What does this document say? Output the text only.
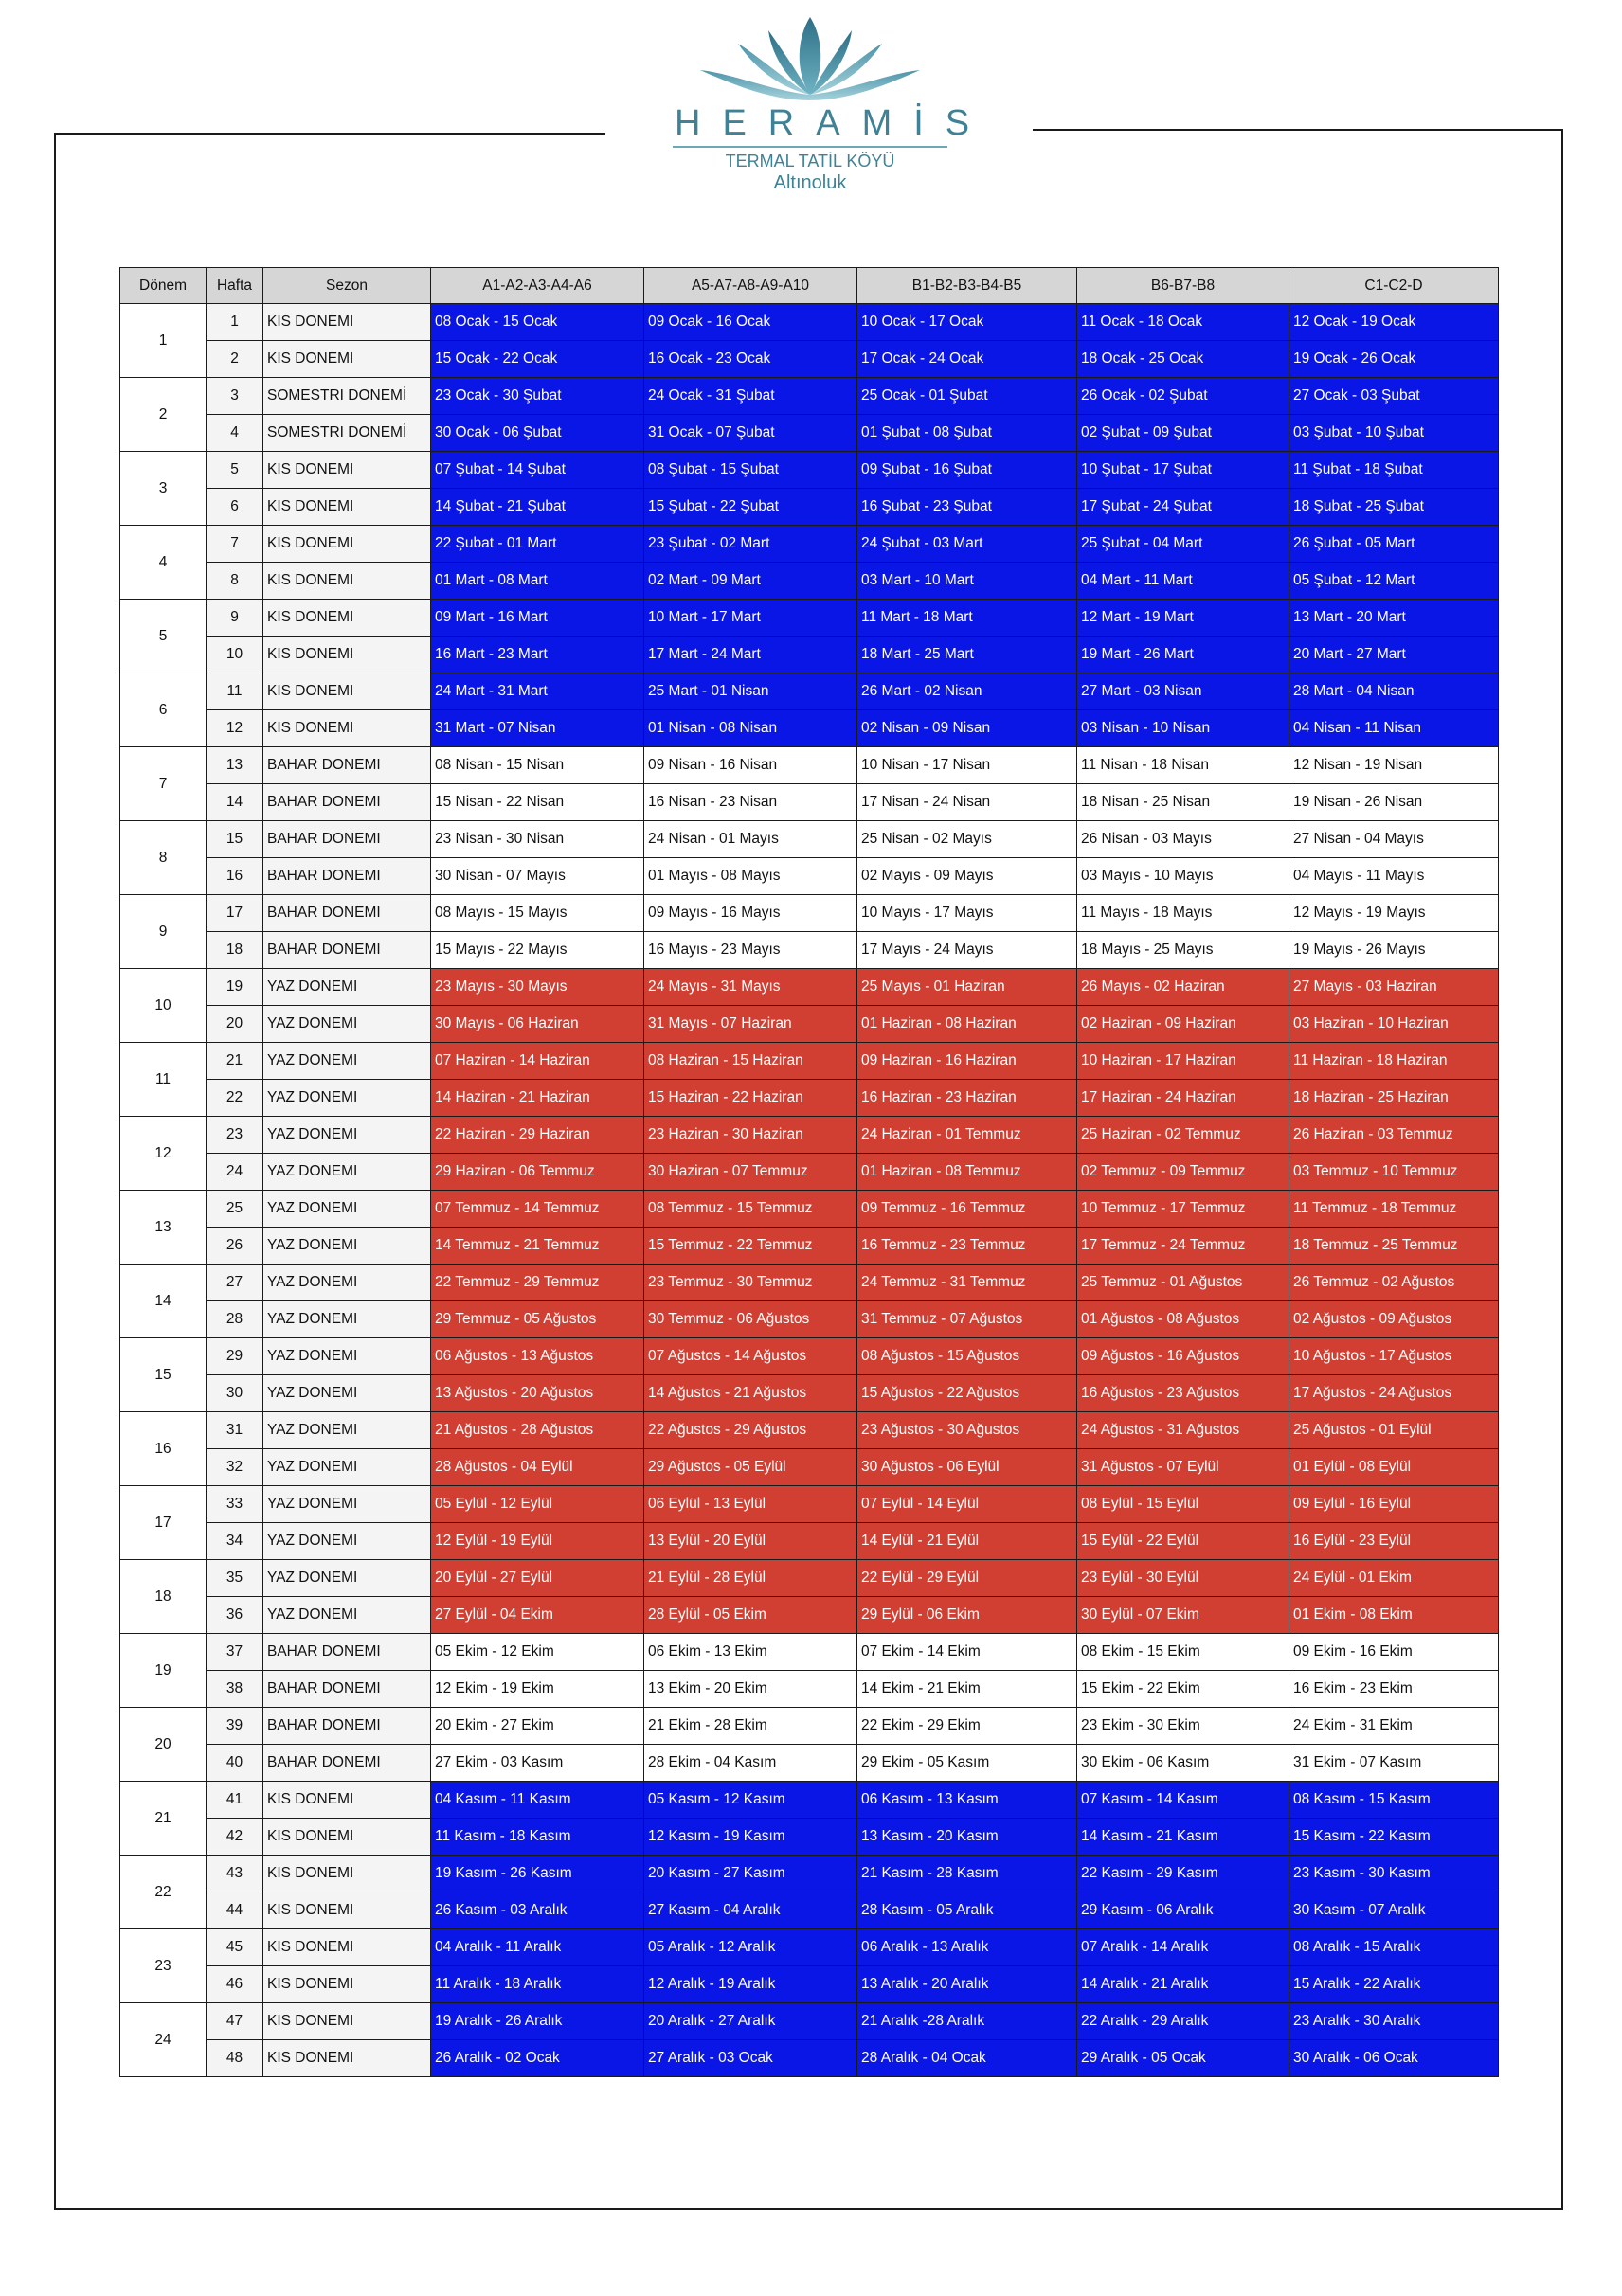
HERAMİS
TERMAL TATİL KÖYÜ
Altınoluk
Dönem	Hafta	Sezon	A1-A2-A3-A4-A6	A5-A7-A8-A9-A10	B1-B2-B3-B4-B5	B6-B7-B8	C1-C2-D
1	1	KIS DONEMI	08 Ocak - 15 Ocak	09 Ocak - 16 Ocak	10 Ocak - 17 Ocak	11 Ocak - 18 Ocak	12 Ocak - 19 Ocak
	2	KIS DONEMI	15 Ocak - 22 Ocak	16 Ocak - 23 Ocak	17 Ocak - 24 Ocak	18 Ocak - 25 Ocak	19 Ocak - 26 Ocak
2	3	SOMESTRI DONEMİ	23 Ocak - 30 Şubat	24 Ocak - 31 Şubat	25 Ocak - 01 Şubat	26 Ocak - 02 Şubat	27 Ocak - 03 Şubat
	4	SOMESTRI DONEMİ	30 Ocak - 06 Şubat	31 Ocak - 07 Şubat	01 Şubat - 08 Şubat	02 Şubat - 09 Şubat	03 Şubat - 10 Şubat
3	5	KIS DONEMI	07 Şubat - 14 Şubat	08 Şubat - 15 Şubat	09 Şubat - 16 Şubat	10 Şubat - 17 Şubat	11 Şubat - 18 Şubat
	6	KIS DONEMI	14 Şubat - 21 Şubat	15 Şubat - 22 Şubat	16 Şubat - 23 Şubat	17 Şubat - 24 Şubat	18 Şubat - 25 Şubat
4	7	KIS DONEMI	22 Şubat - 01 Mart	23 Şubat - 02 Mart	24 Şubat - 03 Mart	25 Şubat - 04 Mart	26 Şubat - 05 Mart
	8	KIS DONEMI	01 Mart - 08 Mart	02 Mart - 09 Mart	03 Mart - 10 Mart	04 Mart - 11 Mart	05 Şubat - 12 Mart
5	9	KIS DONEMI	09 Mart - 16 Mart	10 Mart - 17 Mart	11 Mart - 18 Mart	12 Mart - 19 Mart	13 Mart - 20 Mart
	10	KIS DONEMI	16 Mart - 23 Mart	17 Mart - 24 Mart	18 Mart - 25 Mart	19 Mart - 26 Mart	20 Mart - 27 Mart
6	11	KIS DONEMI	24 Mart - 31 Mart	25 Mart - 01 Nisan	26 Mart - 02 Nisan	27 Mart - 03 Nisan	28 Mart - 04 Nisan
	12	KIS DONEMI	31 Mart - 07 Nisan	01 Nisan - 08 Nisan	02 Nisan - 09 Nisan	03 Nisan - 10 Nisan	04 Nisan - 11 Nisan
7	13	BAHAR DONEMI	08 Nisan - 15 Nisan	09 Nisan - 16 Nisan	10 Nisan - 17 Nisan	11 Nisan - 18 Nisan	12 Nisan - 19 Nisan
	14	BAHAR DONEMI	15 Nisan - 22 Nisan	16 Nisan - 23 Nisan	17 Nisan - 24 Nisan	18 Nisan - 25 Nisan	19 Nisan - 26 Nisan
8	15	BAHAR DONEMI	23 Nisan - 30 Nisan	24 Nisan - 01 Mayıs	25 Nisan - 02 Mayıs	26 Nisan - 03 Mayıs	27 Nisan - 04 Mayıs
	16	BAHAR DONEMI	30 Nisan - 07 Mayıs	01 Mayıs - 08 Mayıs	02 Mayıs - 09 Mayıs	03 Mayıs - 10 Mayıs	04 Mayıs - 11 Mayıs
9	17	BAHAR DONEMI	08 Mayıs - 15 Mayıs	09 Mayıs - 16 Mayıs	10 Mayıs - 17 Mayıs	11 Mayıs - 18 Mayıs	12 Mayıs - 19 Mayıs
	18	BAHAR DONEMI	15 Mayıs - 22 Mayıs	16 Mayıs - 23 Mayıs	17 Mayıs - 24 Mayıs	18 Mayıs - 25 Mayıs	19 Mayıs - 26 Mayıs
10	19	YAZ DONEMI	23 Mayıs - 30 Mayıs	24 Mayıs - 31 Mayıs	25 Mayıs - 01 Haziran	26 Mayıs - 02 Haziran	27 Mayıs - 03 Haziran
	20	YAZ DONEMI	30 Mayıs - 06 Haziran	31 Mayıs - 07 Haziran	01 Haziran - 08 Haziran	02 Haziran - 09 Haziran	03 Haziran - 10 Haziran
11	21	YAZ DONEMI	07 Haziran - 14 Haziran	08 Haziran - 15 Haziran	09 Haziran - 16 Haziran	10 Haziran - 17 Haziran	11 Haziran - 18 Haziran
	22	YAZ DONEMI	14 Haziran - 21 Haziran	15 Haziran - 22 Haziran	16 Haziran - 23 Haziran	17 Haziran - 24 Haziran	18 Haziran - 25 Haziran
12	23	YAZ DONEMI	22 Haziran - 29 Haziran	23 Haziran - 30 Haziran	24 Haziran - 01 Temmuz	25 Haziran - 02 Temmuz	26 Haziran - 03 Temmuz
	24	YAZ DONEMI	29 Haziran - 06 Temmuz	30 Haziran - 07 Temmuz	01 Haziran - 08 Temmuz	02 Temmuz - 09 Temmuz	03 Temmuz - 10 Temmuz
13	25	YAZ DONEMI	07 Temmuz - 14 Temmuz	08 Temmuz - 15 Temmuz	09 Temmuz - 16 Temmuz	10 Temmuz - 17 Temmuz	11 Temmuz - 18 Temmuz
	26	YAZ DONEMI	14 Temmuz - 21 Temmuz	15 Temmuz - 22 Temmuz	16 Temmuz - 23 Temmuz	17 Temmuz - 24 Temmuz	18 Temmuz - 25 Temmuz
14	27	YAZ DONEMI	22 Temmuz - 29 Temmuz	23 Temmuz - 30 Temmuz	24 Temmuz - 31 Temmuz	25 Temmuz - 01 Ağustos	26 Temmuz - 02 Ağustos
	28	YAZ DONEMI	29 Temmuz - 05 Ağustos	30 Temmuz - 06 Ağustos	31 Temmuz - 07 Ağustos	01 Ağustos - 08 Ağustos	02 Ağustos - 09 Ağustos
15	29	YAZ DONEMI	06 Ağustos - 13 Ağustos	07 Ağustos - 14 Ağustos	08 Ağustos - 15 Ağustos	09 Ağustos - 16 Ağustos	10 Ağustos - 17 Ağustos
	30	YAZ DONEMI	13 Ağustos - 20 Ağustos	14 Ağustos - 21 Ağustos	15 Ağustos - 22 Ağustos	16 Ağustos - 23 Ağustos	17 Ağustos - 24 Ağustos
16	31	YAZ DONEMI	21 Ağustos - 28 Ağustos	22 Ağustos - 29 Ağustos	23 Ağustos - 30 Ağustos	24 Ağustos - 31 Ağustos	25 Ağustos - 01 Eylül
	32	YAZ DONEMI	28 Ağustos - 04 Eylül	29 Ağustos - 05 Eylül	30 Ağustos - 06 Eylül	31 Ağustos - 07 Eylül	01 Eylül - 08 Eylül
17	33	YAZ DONEMI	05 Eylül - 12 Eylül	06 Eylül - 13 Eylül	07 Eylül - 14 Eylül	08 Eylül - 15 Eylül	09 Eylül - 16 Eylül
	34	YAZ DONEMI	12 Eylül - 19 Eylül	13 Eylül - 20 Eylül	14 Eylül - 21 Eylül	15 Eylül - 22 Eylül	16 Eylül - 23 Eylül
18	35	YAZ DONEMI	20 Eylül - 27 Eylül	21 Eylül - 28 Eylül	22 Eylül - 29 Eylül	23 Eylül - 30 Eylül	24 Eylül - 01 Ekim
	36	YAZ DONEMI	27 Eylül - 04 Ekim	28 Eylül - 05 Ekim	29 Eylül - 06 Ekim	30 Eylül - 07 Ekim	01 Ekim - 08 Ekim
19	37	BAHAR DONEMI	05 Ekim - 12 Ekim	06 Ekim - 13 Ekim	07 Ekim - 14 Ekim	08 Ekim - 15 Ekim	09 Ekim - 16 Ekim
	38	BAHAR DONEMI	12 Ekim - 19 Ekim	13 Ekim - 20 Ekim	14 Ekim - 21 Ekim	15 Ekim - 22 Ekim	16 Ekim - 23 Ekim
20	39	BAHAR DONEMI	20 Ekim - 27 Ekim	21 Ekim - 28 Ekim	22 Ekim - 29 Ekim	23 Ekim - 30 Ekim	24 Ekim - 31 Ekim
	40	BAHAR DONEMI	27 Ekim - 03 Kasım	28 Ekim - 04 Kasım	29 Ekim - 05 Kasım	30 Ekim - 06 Kasım	31 Ekim - 07 Kasım
21	41	KIS DONEMI	04 Kasım - 11 Kasım	05 Kasım - 12 Kasım	06 Kasım - 13 Kasım	07 Kasım - 14 Kasım	08 Kasım - 15 Kasım
	42	KIS DONEMI	11 Kasım - 18 Kasım	12 Kasım - 19 Kasım	13 Kasım - 20 Kasım	14 Kasım - 21 Kasım	15 Kasım - 22 Kasım
22	43	KIS DONEMI	19 Kasım - 26 Kasım	20 Kasım - 27 Kasım	21 Kasım - 28 Kasım	22 Kasım - 29 Kasım	23 Kasım - 30 Kasım
	44	KIS DONEMI	26 Kasım - 03 Aralık	27 Kasım - 04 Aralık	28 Kasım - 05 Aralık	29 Kasım - 06 Aralık	30 Kasım - 07 Aralık
23	45	KIS DONEMI	04 Aralık - 11 Aralık	05 Aralık - 12 Aralık	06 Aralık - 13 Aralık	07 Aralık - 14 Aralık	08 Aralık - 15 Aralık
	46	KIS DONEMI	11 Aralık - 18 Aralık	12 Aralık - 19 Aralık	13 Aralık - 20 Aralık	14 Aralık - 21 Aralık	15 Aralık - 22 Aralık
24	47	KIS DONEMI	19 Aralık - 26 Aralık	20 Aralık - 27 Aralık	21 Aralık -28 Aralık	22 Aralık - 29 Aralık	23 Aralık - 30 Aralık
	48	KIS DONEMI	26 Aralık - 02 Ocak	27 Aralık - 03 Ocak	28 Aralık - 04 Ocak	29 Aralık - 05 Ocak	30 Aralık - 06 Ocak
